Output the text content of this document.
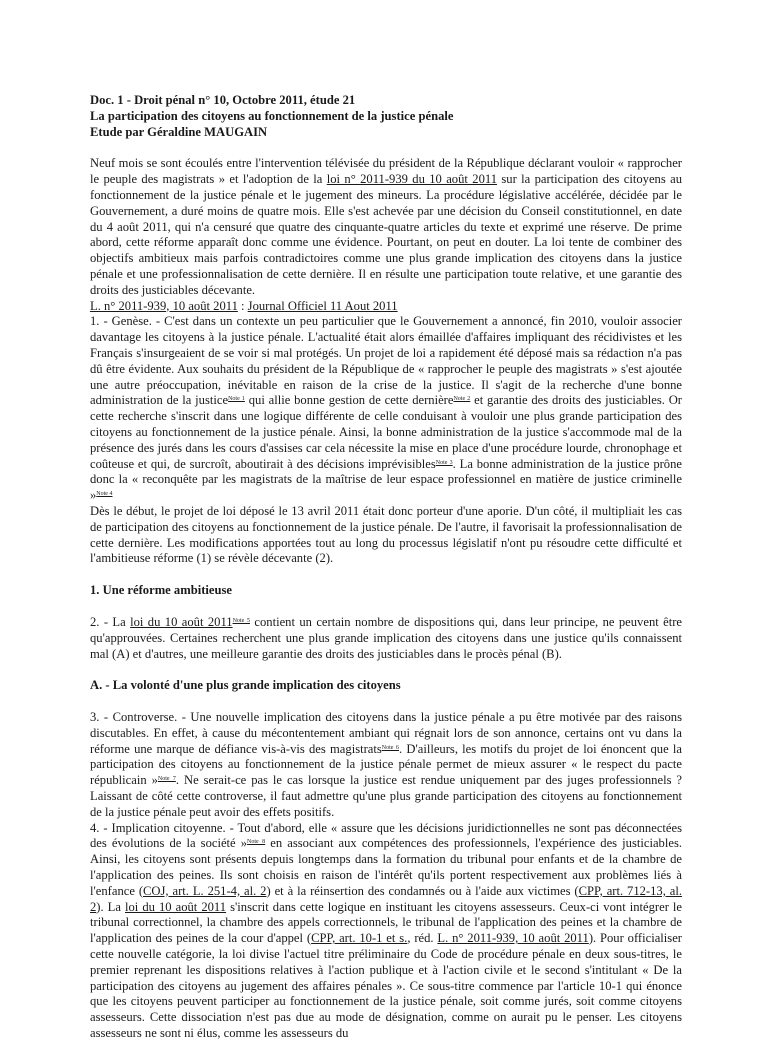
Doc. 1 - Droit pénal n° 10, Octobre 2011, étude 21
La participation des citoyens au fonctionnement de la justice pénale
Etude par Géraldine MAUGAIN

Neuf mois se sont écoulés entre l'intervention télévisée du président de la République déclarant vouloir « rapprocher le peuple des magistrats » et l'adoption de la loi n° 2011-939 du 10 août 2011 sur la participation des citoyens au fonctionnement de la justice pénale et le jugement des mineurs. La procédure législative accélérée, décidée par le Gouvernement, a duré moins de quatre mois. Elle s'est achevée par une décision du Conseil constitutionnel, en date du 4 août 2011, qui n'a censuré que quatre des cinquante-quatre articles du texte et exprimé une réserve. De prime abord, cette réforme apparaît donc comme une évidence. Pourtant, on peut en douter. La loi tente de combiner des objectifs ambitieux mais parfois contradictoires comme une plus grande implication des citoyens dans la justice pénale et une professionnalisation de cette dernière. Il en résulte une participation toute relative, et une garantie des droits des justiciables décevante.

L. n° 2011-939, 10 août 2011 : Journal Officiel 11 Aout 2011

1. - Genèse. - C'est dans un contexte un peu particulier que le Gouvernement a annoncé, fin 2010, vouloir associer davantage les citoyens à la justice pénale. L'actualité était alors émaillée d'affaires impliquant des récidivistes et les Français s'insurgeaient de se voir si mal protégés. Un projet de loi a rapidement été déposé mais sa rédaction n'a pas dû être évidente. Aux souhaits du président de la République de « rapprocher le peuple des magistrats » s'est ajoutée une autre préoccupation, inévitable en raison de la crise de la justice. Il s'agit de la recherche d'une bonne administration de la justice$^{Note 1}$ qui allie bonne gestion de cette dernière$^{Note 2}$ et garantie des droits des justiciables. Or cette recherche s'inscrit dans une logique différente de celle conduisant à vouloir une plus grande participation des citoyens au fonctionnement de la justice pénale. Ainsi, la bonne administration de la justice s'accommode mal de la présence des jurés dans les cours d'assises car cela nécessite la mise en place d'une procédure lourde, chronophage et coûteuse et qui, de surcroît, aboutirait à des décisions imprévisibles$^{Note 3}$. La bonne administration de la justice prône donc la « reconquête par les magistrats de la maîtrise de leur espace professionnel en matière de justice criminelle »$^{Note 4}$

Dès le début, le projet de loi déposé le 13 avril 2011 était donc porteur d'une aporie. D'un côté, il multipliait les cas de participation des citoyens au fonctionnement de la justice pénale. De l'autre, il favorisait la professionnalisation de cette dernière. Les modifications apportées tout au long du processus législatif n'ont pu résoudre cette difficulté et l'ambitieuse réforme (1) se révèle décevante (2).

1. Une réforme ambitieuse

2. - La loi du 10 août 2011$^{Note 5}$ contient un certain nombre de dispositions qui, dans leur principe, ne peuvent être qu'approuvées. Certaines recherchent une plus grande implication des citoyens dans une justice qu'ils connaissent mal (A) et d'autres, une meilleure garantie des droits des justiciables dans le procès pénal (B).

A. - La volonté d'une plus grande implication des citoyens

3. - Controverse. - Une nouvelle implication des citoyens dans la justice pénale a pu être motivée par des raisons discutables. En effet, à cause du mécontentement ambiant qui régnait lors de son annonce, certains ont vu dans la réforme une marque de défiance vis-à-vis des magistrats$^{Note 6}$. D'ailleurs, les motifs du projet de loi énoncent que la participation des citoyens au fonctionnement de la justice pénale permet de mieux assurer « le respect du pacte républicain »$^{Note 7}$. Ne serait-ce pas le cas lorsque la justice est rendue uniquement par des juges professionnels ? Laissant de côté cette controverse, il faut admettre qu'une plus grande participation des citoyens au fonctionnement de la justice pénale peut avoir des effets positifs.

4. - Implication citoyenne. - Tout d'abord, elle « assure que les décisions juridictionnelles ne sont pas déconnectées des évolutions de la société »$^{Note 8}$ en associant aux compétences des professionnels, l'expérience des justiciables. Ainsi, les citoyens sont présents depuis longtemps dans la formation du tribunal pour enfants et de la chambre de l'application des peines. Ils sont choisis en raison de l'intérêt qu'ils portent respectivement aux problèmes liés à l'enfance (COJ, art. L. 251-4, al. 2) et à la réinsertion des condamnés ou à l'aide aux victimes (CPP, art. 712-13, al. 2). La loi du 10 août 2011 s'inscrit dans cette logique en instituant les citoyens assesseurs. Ceux-ci vont intégrer le tribunal correctionnel, la chambre des appels correctionnels, le tribunal de l'application des peines et la chambre de l'application des peines de la cour d'appel (CPP, art. 10-1 et s., réd. L. n° 2011-939, 10 août 2011). Pour officialiser cette nouvelle catégorie, la loi divise l'actuel titre préliminaire du Code de procédure pénale en deux sous-titres, le premier reprenant les dispositions relatives à l'action publique et à l'action civile et le second s'intitulant « De la participation des citoyens au jugement des affaires pénales ». Ce sous-titre commence par l'article 10-1 qui énonce que les citoyens peuvent participer au fonctionnement de la justice pénale, soit comme jurés, soit comme citoyens assesseurs. Cette dissociation n'est pas due au mode de désignation, comme on aurait pu le penser. Les citoyens assesseurs ne sont ni élus, comme les assesseurs du
